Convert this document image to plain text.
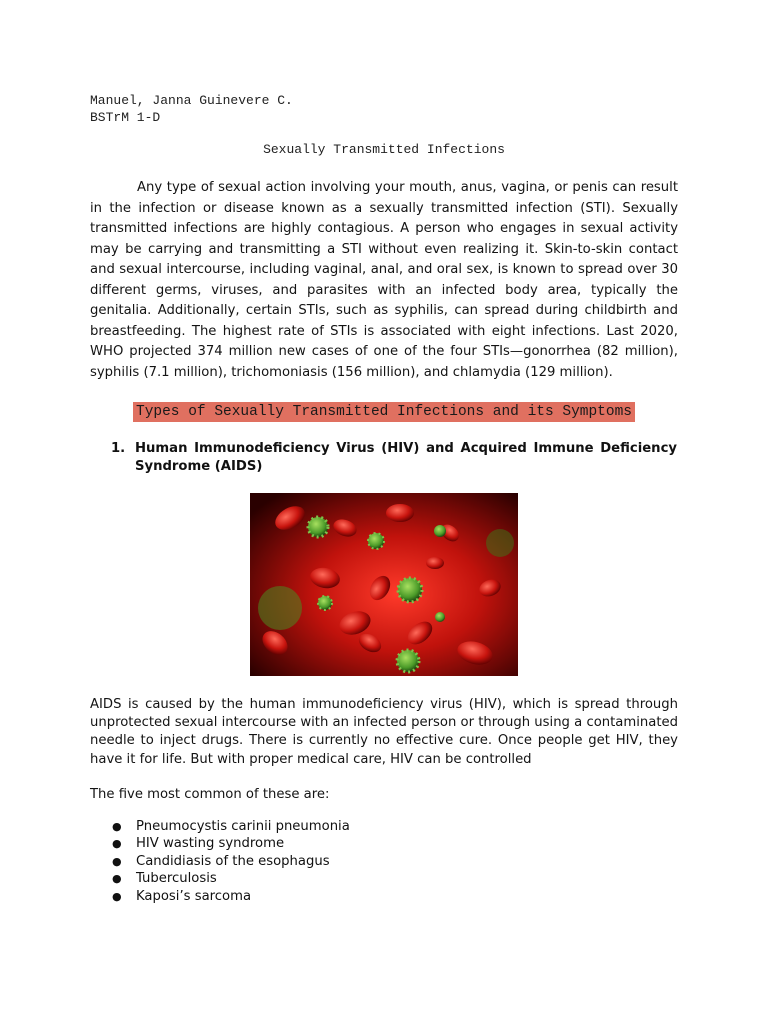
Manuel, Janna Guinevere C.
BSTrM 1-D
Sexually Transmitted Infections

Any type of sexual action involving your mouth, anus, vagina, or penis can result in the infection or disease known as a sexually transmitted infection (STI). Sexually transmitted infections are highly contagious. A person who engages in sexual activity may be carrying and transmitting a STI without even realizing it. Skin-to-skin contact and sexual intercourse, including vaginal, anal, and oral sex, is known to spread over 30 different germs, viruses, and parasites with an infected body area, typically the genitalia. Additionally, certain STIs, such as syphilis, can spread during childbirth and breastfeeding. The highest rate of STIs is associated with eight infections. Last 2020, WHO projected 374 million new cases of one of the four STIs—gonorrhea (82 million), syphilis (7.1 million), trichomoniasis (156 million), and chlamydia (129 million).

Types of Sexually Transmitted Infections and its Symptoms
1. Human Immunodeficiency Virus (HIV) and Acquired Immune Deficiency Syndrome (AIDS)

AIDS is caused by the human immunodeficiency virus (HIV), which is spread through unprotected sexual intercourse with an infected person or through using a contaminated needle to inject drugs. There is currently no effective cure. Once people get HIV, they have it for life. But with proper medical care, HIV can be controlled

The five most common of these are:

●	Pneumocystis carinii pneumonia
●	HIV wasting syndrome
●	Candidiasis of the esophagus
●	Tuberculosis
●	Kaposi’s sarcoma
